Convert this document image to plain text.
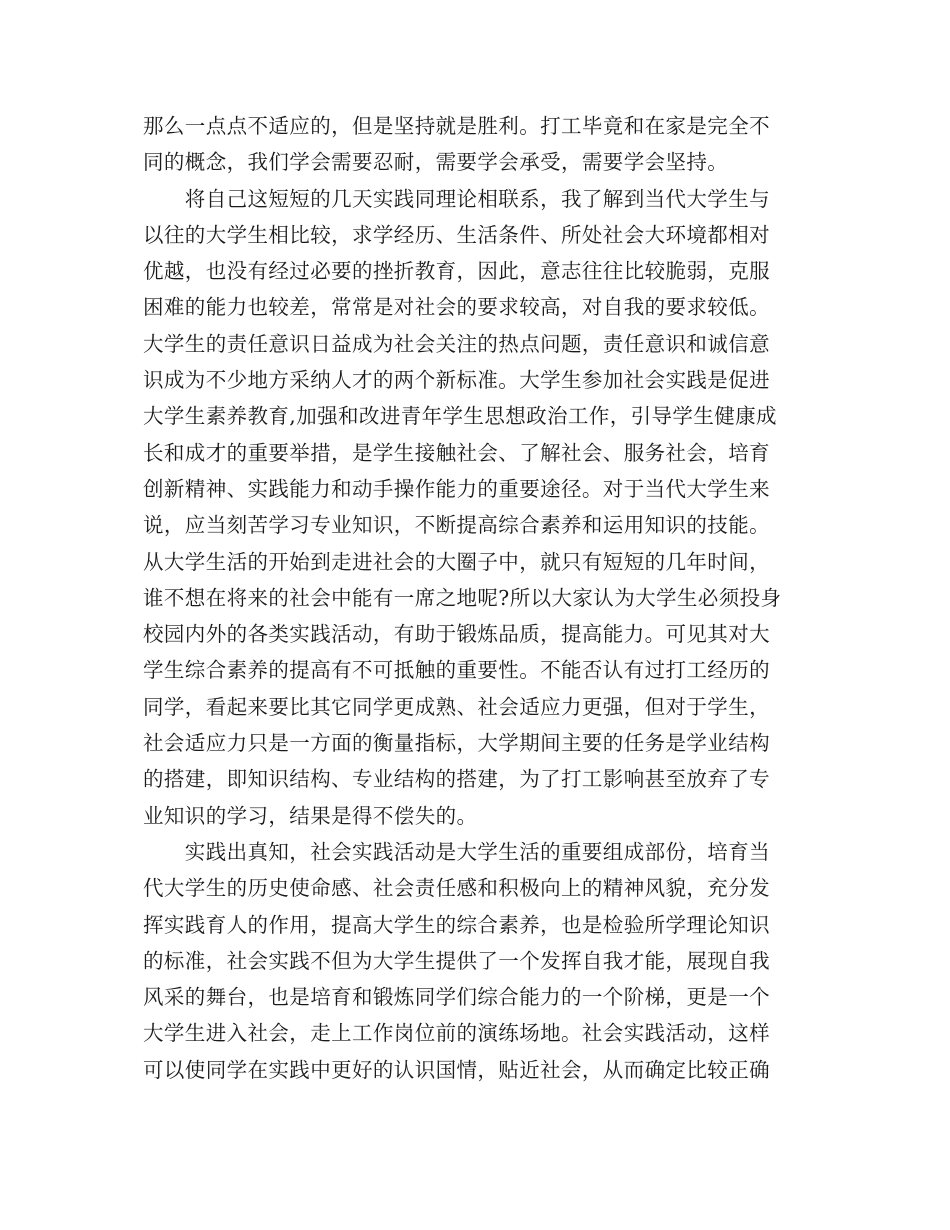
那么一点点不适应的，但是坚持就是胜利。打工毕竟和在家是完全不
同的概念，我们学会需要忍耐，需要学会承受，需要学会坚持。
　　将自己这短短的几天实践同理论相联系，我了解到当代大学生与
以往的大学生相比较，求学经历、生活条件、所处社会大环境都相对
优越，也没有经过必要的挫折教育，因此，意志往往比较脆弱，克服
困难的能力也较差，常常是对社会的要求较高，对自我的要求较低。
大学生的责任意识日益成为社会关注的热点问题，责任意识和诚信意
识成为不少地方采纳人才的两个新标准。大学生参加社会实践是促进
大学生素养教育,加强和改进青年学生思想政治工作，引导学生健康成
长和成才的重要举措，是学生接触社会、了解社会、服务社会，培育
创新精神、实践能力和动手操作能力的重要途径。对于当代大学生来
说，应当刻苦学习专业知识，不断提高综合素养和运用知识的技能。
从大学生活的开始到走进社会的大圈子中，就只有短短的几年时间，
谁不想在将来的社会中能有一席之地呢?所以大家认为大学生必须投身
校园内外的各类实践活动，有助于锻炼品质，提高能力。可见其对大
学生综合素养的提高有不可抵触的重要性。不能否认有过打工经历的
同学，看起来要比其它同学更成熟、社会适应力更强，但对于学生，
社会适应力只是一方面的衡量指标，大学期间主要的任务是学业结构
的搭建，即知识结构、专业结构的搭建，为了打工影响甚至放弃了专
业知识的学习，结果是得不偿失的。
　　实践出真知，社会实践活动是大学生活的重要组成部份，培育当
代大学生的历史使命感、社会责任感和积极向上的精神风貌，充分发
挥实践育人的作用，提高大学生的综合素养，也是检验所学理论知识
的标准，社会实践不但为大学生提供了一个发挥自我才能，展现自我
风采的舞台，也是培育和锻炼同学们综合能力的一个阶梯，更是一个
大学生进入社会，走上工作岗位前的演练场地。社会实践活动，这样
可以使同学在实践中更好的认识国情，贴近社会，从而确定比较正确
